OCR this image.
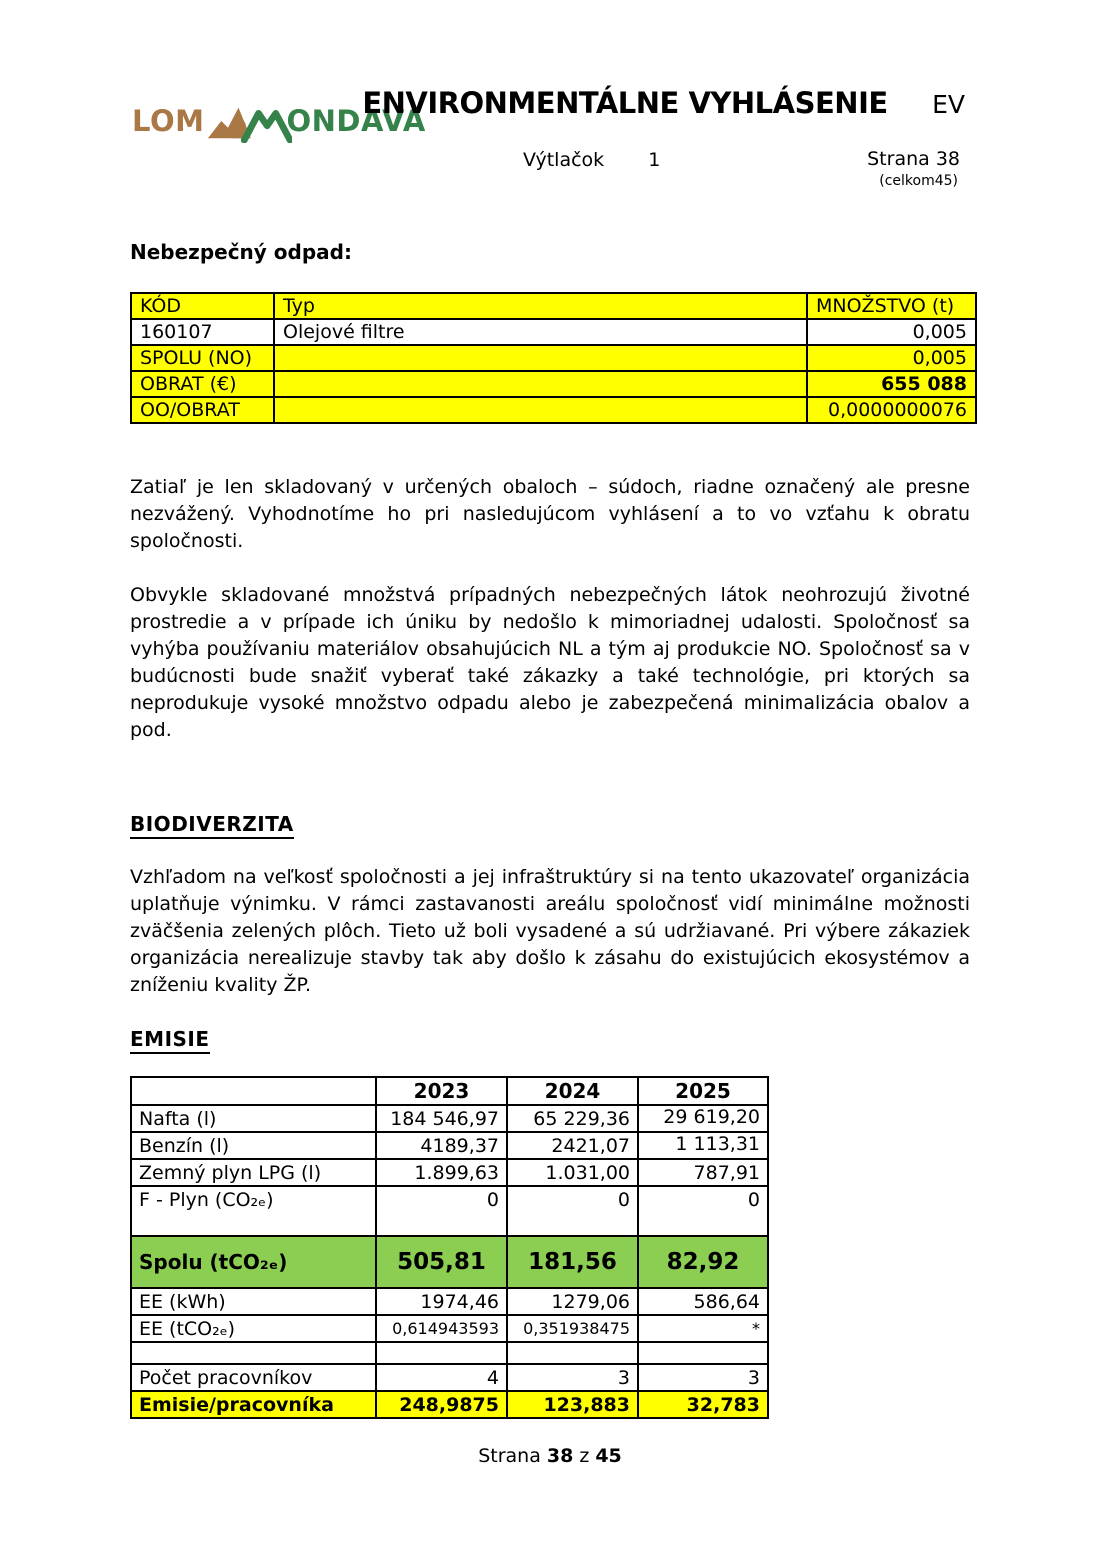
LOM	ONDAVA
ENVIRONMENTÁLNE VYHLÁSENIE	EV
Výtlačok 1	Strana 38
(celkom45)
Nebezpečný odpad:
KÓD	Typ	MNOŽSTVO (t)
160107	Olejové filtre	0,005
SPOLU (NO)		0,005
OBRAT (€)		655 088
OO/OBRAT		0,0000000076

Zatiaľ je len skladovaný v určených obaloch – súdoch, riadne označený ale presne nezvážený. Vyhodnotíme ho pri nasledujúcom vyhlásení a to vo vzťahu k obratu spoločnosti.

Obvykle skladované množstvá prípadných nebezpečných látok neohrozujú životné prostredie a v prípade ich úniku by nedošlo k mimoriadnej udalosti. Spoločnosť sa vyhýba používaniu materiálov obsahujúcich NL a tým aj produkcie NO. Spoločnosť sa v budúcnosti bude snažiť vyberať také zákazky a také technológie, pri ktorých sa neprodukuje vysoké množstvo odpadu alebo je zabezpečená minimalizácia obalov a pod.

BIODIVERZITA

Vzhľadom na veľkosť spoločnosti a jej infraštruktúry si na tento ukazovateľ organizácia uplatňuje výnimku. V rámci zastavanosti areálu spoločnosť vidí minimálne možnosti zväčšenia zelených plôch. Tieto už boli vysadené a sú udržiavané. Pri výbere zákaziek organizácia nerealizuje stavby tak aby došlo k zásahu do existujúcich ekosystémov a zníženiu kvality ŽP.

EMISIE
	2023	2024	2025
Nafta (l)	184 546,97	65 229,36	29 619,20
Benzín (l)	4189,37	2421,07	1 113,31
Zemný plyn LPG (l)	1.899,63	1.031,00	787,91
F - Plyn (CO₂ₑ)	0	0	0
Spolu (tCO₂ₑ)	505,81	181,56	82,92
EE (kWh)	1974,46	1279,06	586,64
EE (tCO₂ₑ)	0,614943593	0,351938475	*

Počet pracovníkov	4	3	3
Emisie/pracovníka	248,9875	123,883	32,783
Strana 38 z 45
